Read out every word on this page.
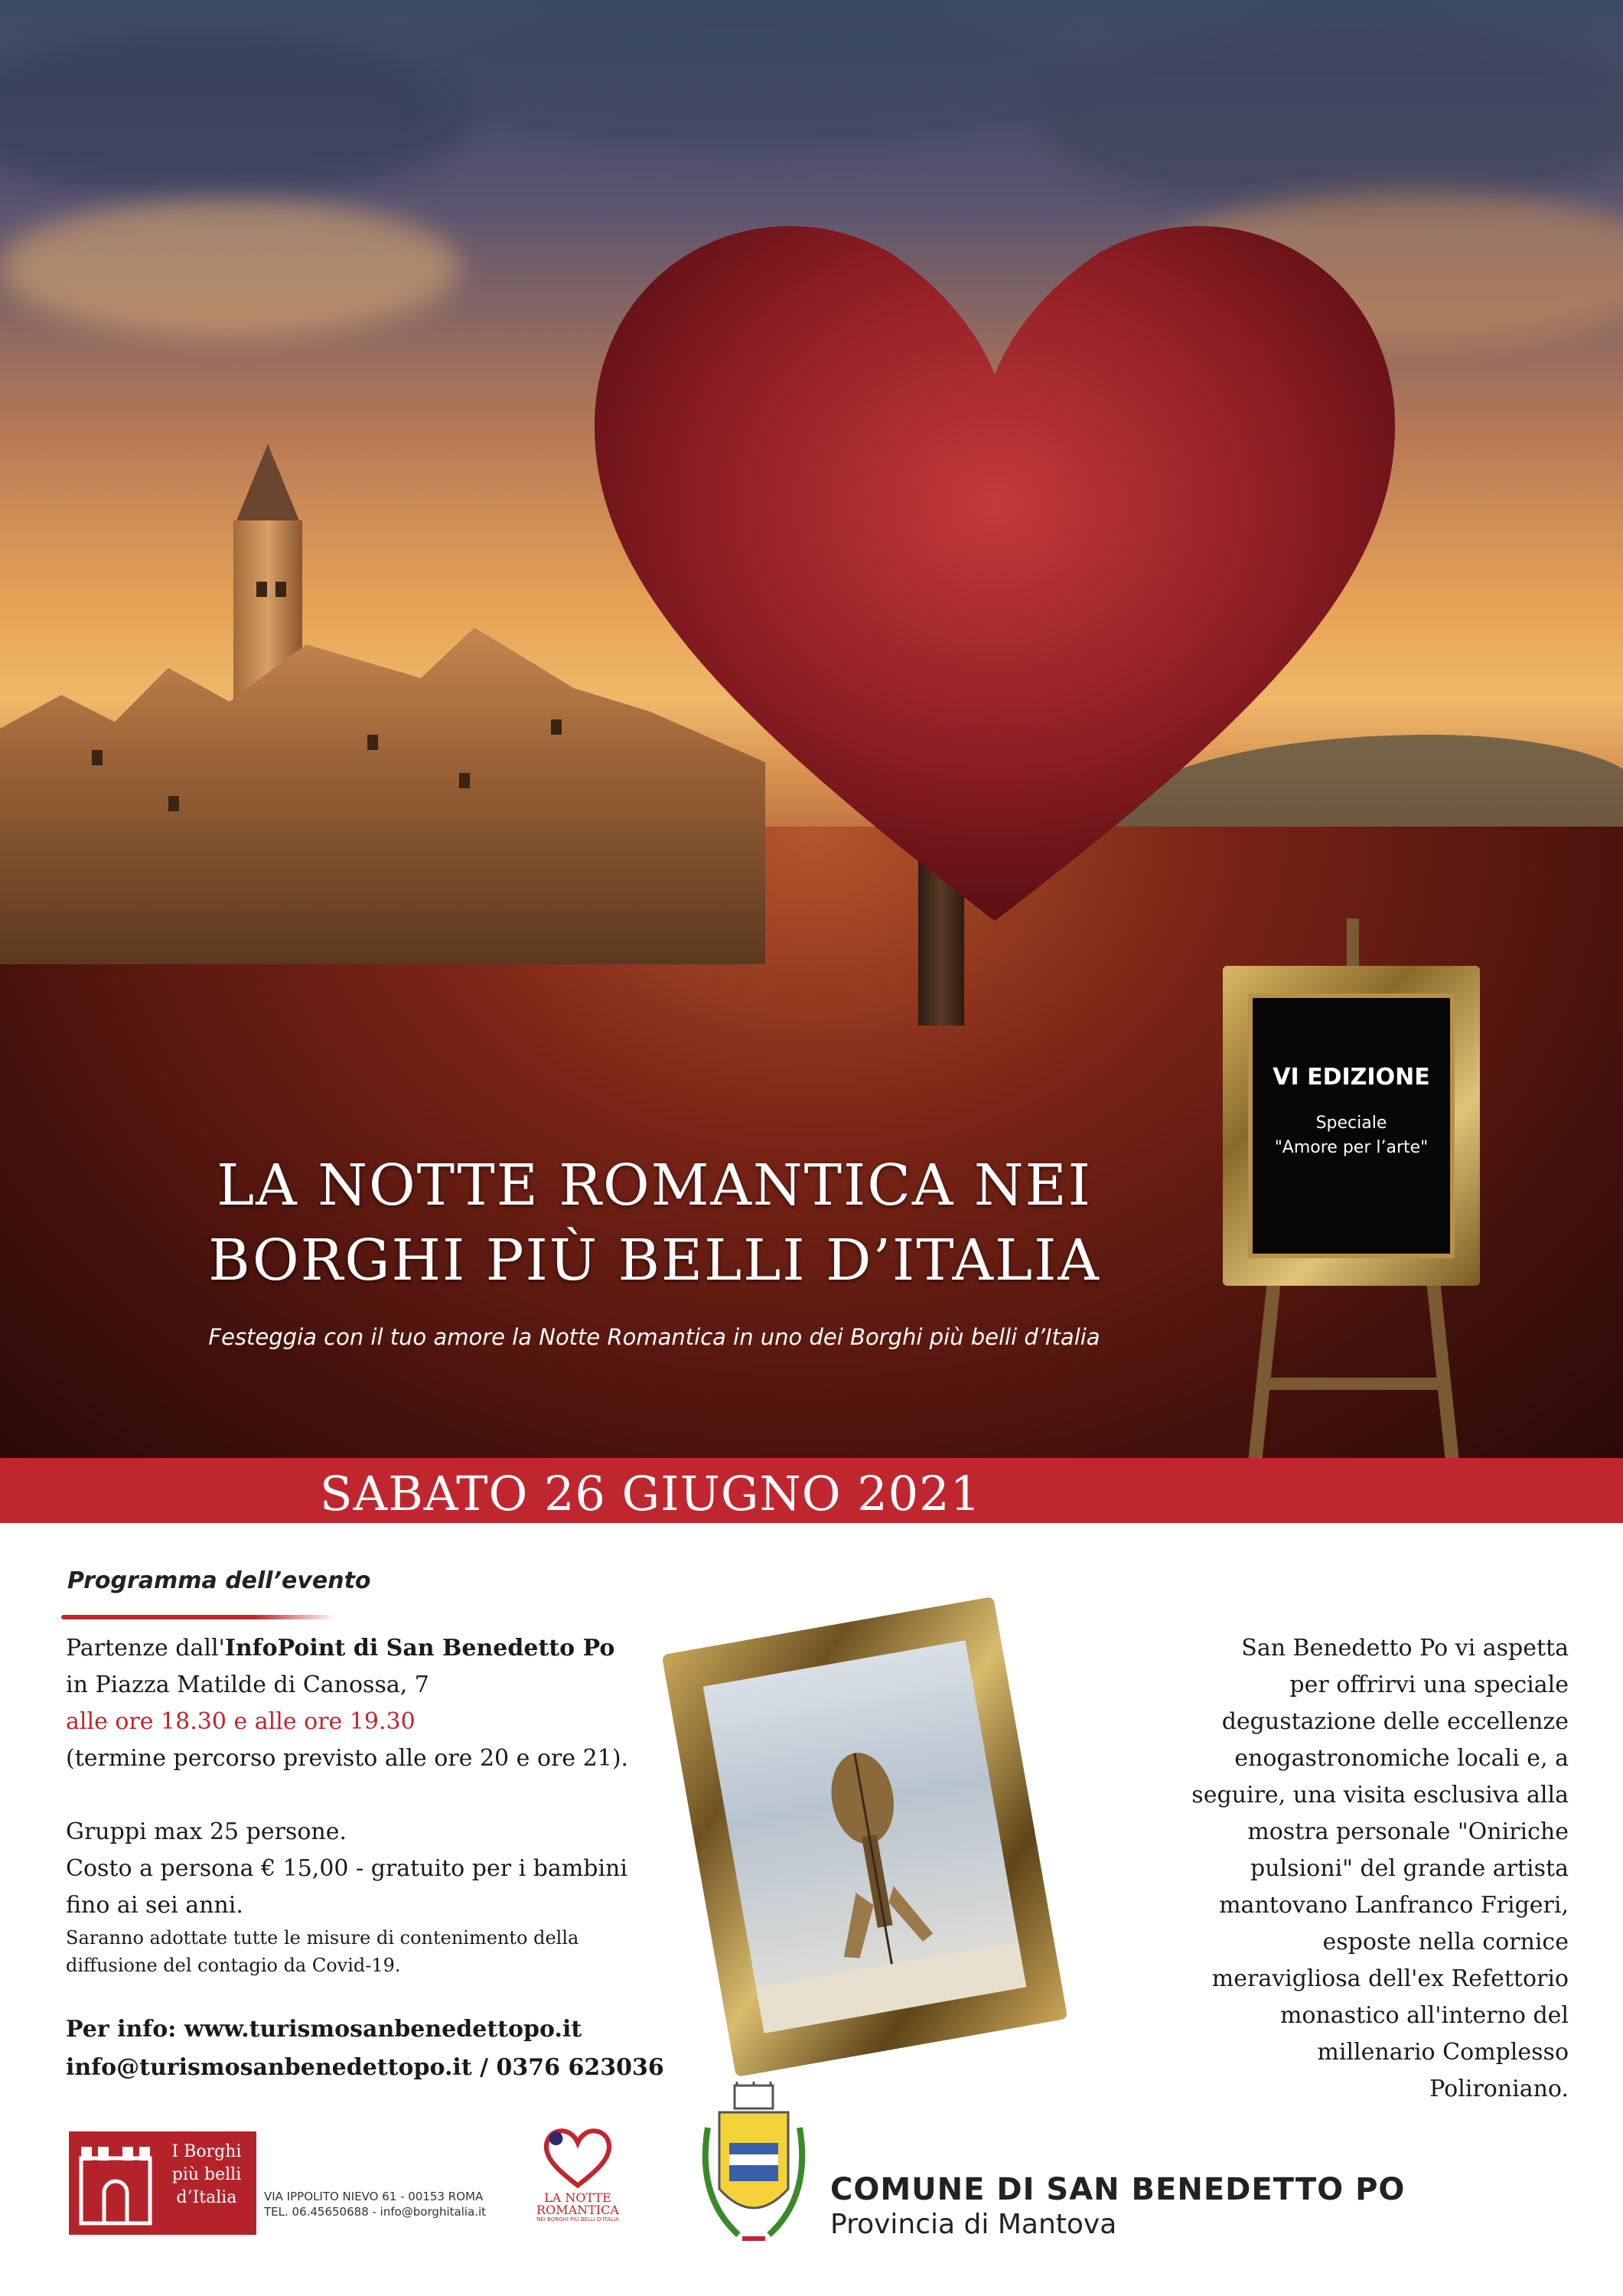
LA NOTTE ROMANTICA NEI
BORGHI PIÙ BELLI D’ITALIA
Festeggia con il tuo amore la Notte Romantica in uno dei Borghi più belli d’Italia
VI EDIZIONE
Speciale
"Amore per l’arte"
SABATO 26 GIUGNO 2021
Programma dell’evento
Partenze dall'InfoPoint di San Benedetto Po
in Piazza Matilde di Canossa, 7
alle ore 18.30 e alle ore 19.30
(termine percorso previsto alle ore 20 e ore 21).
Gruppi max 25 persone.
Costo a persona € 15,00 - gratuito per i bambini
fino ai sei anni.
Saranno adottate tutte le misure di contenimento della
diffusione del contagio da Covid-19.
Per info: www.turismosanbenedettopo.it
info@turismosanbenedettopo.it / 0376 623036
San Benedetto Po vi aspetta
per offrirvi una speciale
degustazione delle eccellenze
enogastronomiche locali e, a
seguire, una visita esclusiva alla
mostra personale "Oniriche
pulsioni" del grande artista
mantovano Lanfranco Frigeri,
esposte nella cornice
meravigliosa dell'ex Refettorio
monastico all'interno del
millenario Complesso
Polironiano.
I Borghi
più belli
d’Italia	VIA IPPOLITO NIEVO 61 - 00153 ROMA
TEL. 06.45650688 - info@borghitalia.it
LA NOTTE
ROMANTICA
NEI BORGHI PIÙ BELLI D'ITALIA
COMUNE DI SAN BENEDETTO PO
Provincia di Mantova
